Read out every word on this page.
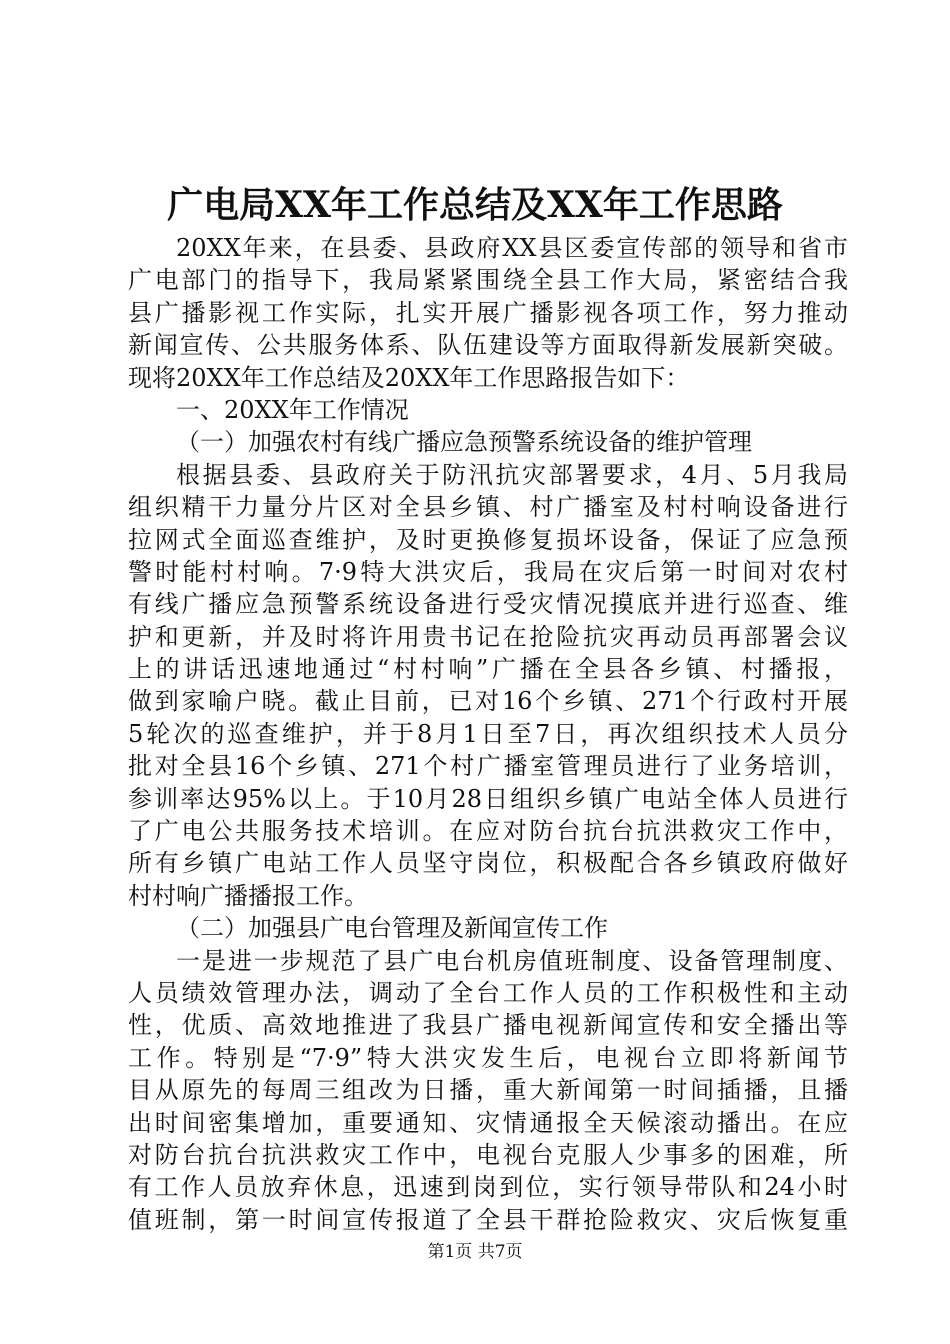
广电局XX年工作总结及XX年工作思路
20XX年来，在县委、县政府XX县区委宣传部的领导和省市
广电部门的指导下，我局紧紧围绕全县工作大局，紧密结合我
县广播影视工作实际，扎实开展广播影视各项工作，努力推动
新闻宣传、公共服务体系、队伍建设等方面取得新发展新突破。
现将20XX年工作总结及20XX年工作思路报告如下：
一、20XX年工作情况
（一）加强农村有线广播应急预警系统设备的维护管理
根据县委、县政府关于防汛抗灾部署要求，4月、5月我局
组织精干力量分片区对全县乡镇、村广播室及村村响设备进行
拉网式全面巡查维护，及时更换修复损坏设备，保证了应急预
警时能村村响。7·9特大洪灾后，我局在灾后第一时间对农村
有线广播应急预警系统设备进行受灾情况摸底并进行巡查、维
护和更新，并及时将许用贵书记在抢险抗灾再动员再部署会议
上的讲话迅速地通过“村村响”广播在全县各乡镇、村播报，
做到家喻户晓。截止目前，已对16个乡镇、271个行政村开展
5轮次的巡查维护，并于8月1日至7日，再次组织技术人员分
批对全县16个乡镇、271个村广播室管理员进行了业务培训，
参训率达95%以上。于10月28日组织乡镇广电站全体人员进行
了广电公共服务技术培训。在应对防台抗台抗洪救灾工作中，
所有乡镇广电站工作人员坚守岗位，积极配合各乡镇政府做好
村村响广播播报工作。
（二）加强县广电台管理及新闻宣传工作
一是进一步规范了县广电台机房值班制度、设备管理制度、
人员绩效管理办法，调动了全台工作人员的工作积极性和主动
性，优质、高效地推进了我县广播电视新闻宣传和安全播出等
工作。特别是“7·9”特大洪灾发生后，电视台立即将新闻节
目从原先的每周三组改为日播，重大新闻第一时间插播，且播
出时间密集增加，重要通知、灾情通报全天候滚动播出。在应
对防台抗台抗洪救灾工作中，电视台克服人少事多的困难，所
有工作人员放弃休息，迅速到岗到位，实行领导带队和24小时
值班制，第一时间宣传报道了全县干群抢险救灾、灾后恢复重
第1页 共7页
